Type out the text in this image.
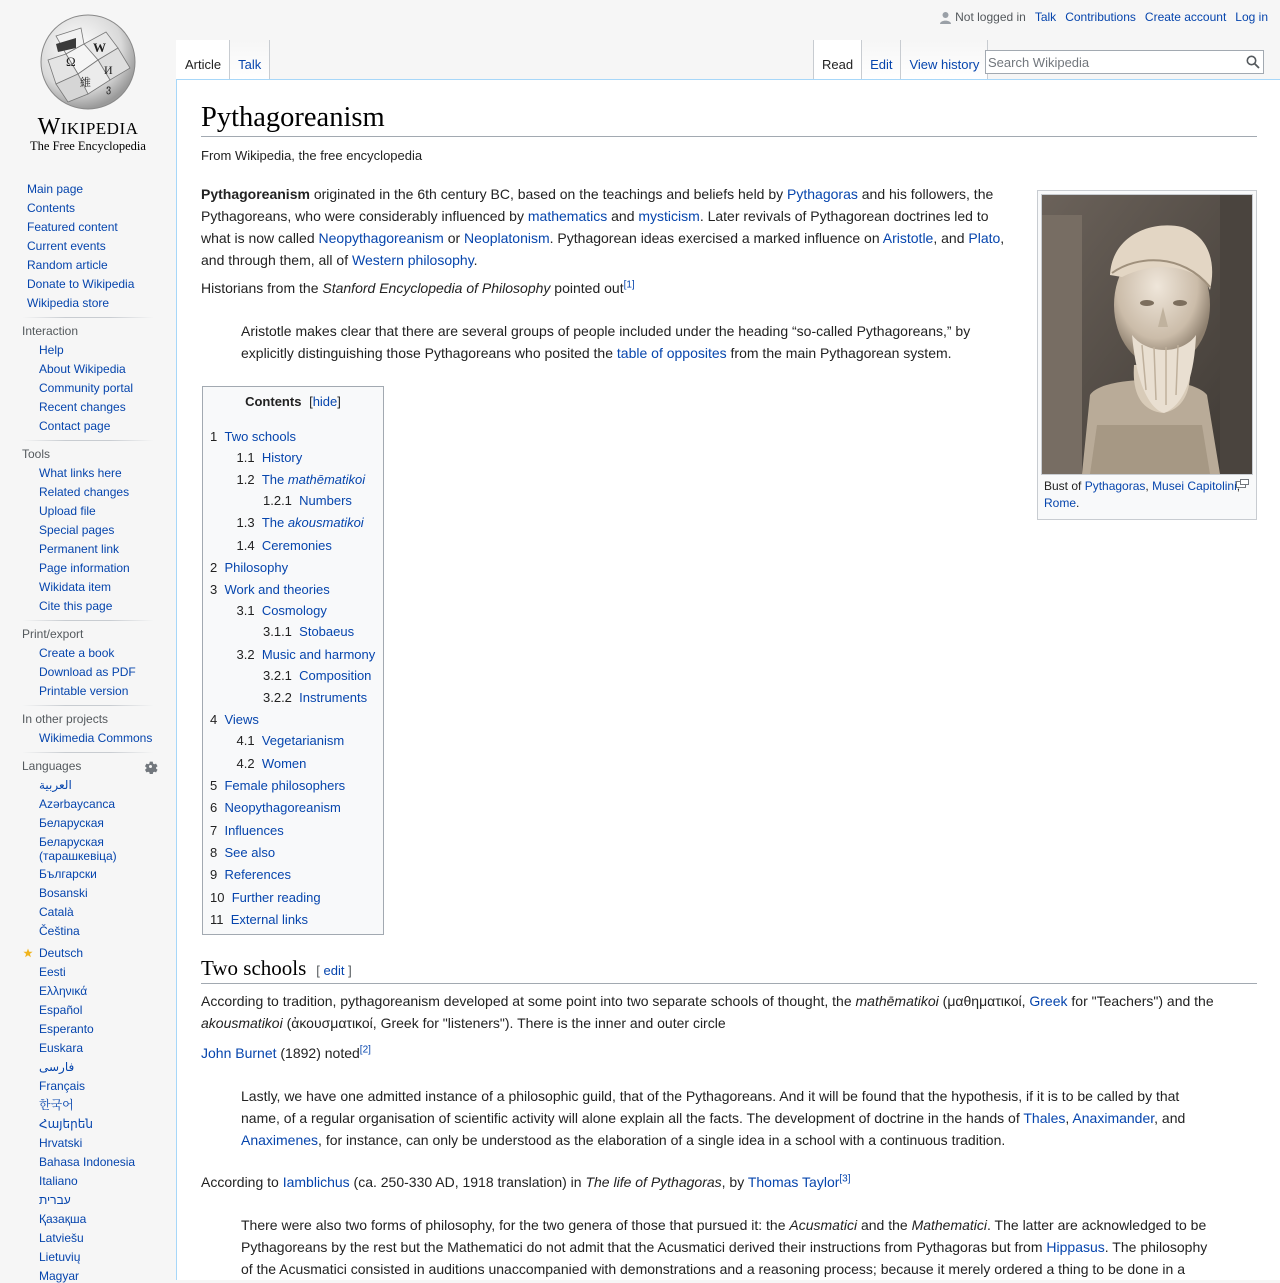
Ω
W
И
維
ვ
Wikipedia
The Free Encyclopedia
Not logged in Talk Contributions Create account Log in
Article Talk	Read Edit View history Search Wikipedia
Pythagoreanism
From Wikipedia, the free encyclopedia
Pythagoreanism originated in the 6th century BC, based on the teachings and beliefs held by Pythagoras and his followers, the Pythagoreans, who were considerably influenced by mathematics and mysticism. Later revivals of Pythagorean doctrines led to what is now called Neopythagoreanism or Neoplatonism. Pythagorean ideas exercised a marked influence on Aristotle, and Plato, and through them, all of Western philosophy.
Historians from the Stanford Encyclopedia of Philosophy pointed out[1]
Aristotle makes clear that there are several groups of people included under the heading “so-called Pythagoreans,” by explicitly distinguishing those Pythagoreans who posited the table of opposites from the main Pythagorean system.
Bust of Pythagoras, Musei CapitoliniRome.
Contents [hide]
1 Two schools
1.1 History
1.2 The mathēmatikoi
1.2.1 Numbers
1.3 The akousmatikoi
1.4 Ceremonies
2 Philosophy
3 Work and theories
3.1 Cosmology
3.1.1 Stobaeus
3.2 Music and harmony
3.2.1 Composition
3.2.2 Instruments
4 Views
4.1 Vegetarianism
4.2 Women
5 Female philosophers
6 Neopythagoreanism
7 Influences
8 See also
9 References
10 Further reading
11 External links
Two schools [ edit ]
According to tradition, pythagoreanism developed at some point into two separate schools of thought, the mathēmatikoi (μαθηματικοί, Greek for "Teachers") and the akousmatikoi (ἀκουσματικοί, Greek for "listeners"). There is the inner and outer circle
John Burnet (1892) noted[2]
Lastly, we have one admitted instance of a philosophic guild, that of the Pythagoreans. And it will be found that the hypothesis, if it is to be called by that name, of a regular organisation of scientific activity will alone explain all the facts. The development of doctrine in the hands of Thales, Anaximander, and Anaximenes, for instance, can only be understood as the elaboration of a single idea in a school with a continuous tradition.
According to Iamblichus (ca. 250-330 AD, 1918 translation) in The life of Pythagoras, by Thomas Taylor[3]
There were also two forms of philosophy, for the two genera of those that pursued it: the Acusmatici and the Mathematici. The latter are acknowledged to be Pythagoreans by the rest but the Mathematici do not admit that the Acusmatici derived their instructions from Pythagoras but from Hippasus. The philosophy of the Acusmatici consisted in auditions unaccompanied with demonstrations and a reasoning process; because it merely ordered a thing to be done in a
Main page
Contents
Featured content
Current events
Random article
Donate to Wikipedia
Wikipedia store
Interaction
Help
About Wikipedia
Community portal
Recent changes
Contact page
Tools
What links here
Related changes
Upload file
Special pages
Permanent link
Page information
Wikidata item
Cite this page
Print/export
Create a book
Download as PDF
Printable version
In other projects
Wikimedia Commons
Languages
العربية
Azərbaycanca
Беларуская
Беларуская (тарашкевіца)
Български
Bosanski
Català
Čeština
Deutsch
Eesti
Ελληνικά
Español
Esperanto
Euskara
فارسی
Français
한국어
Հայերեն
Hrvatski
Bahasa Indonesia
Italiano
עברית
Қазақша
Latviešu
Lietuvių
Magyar
